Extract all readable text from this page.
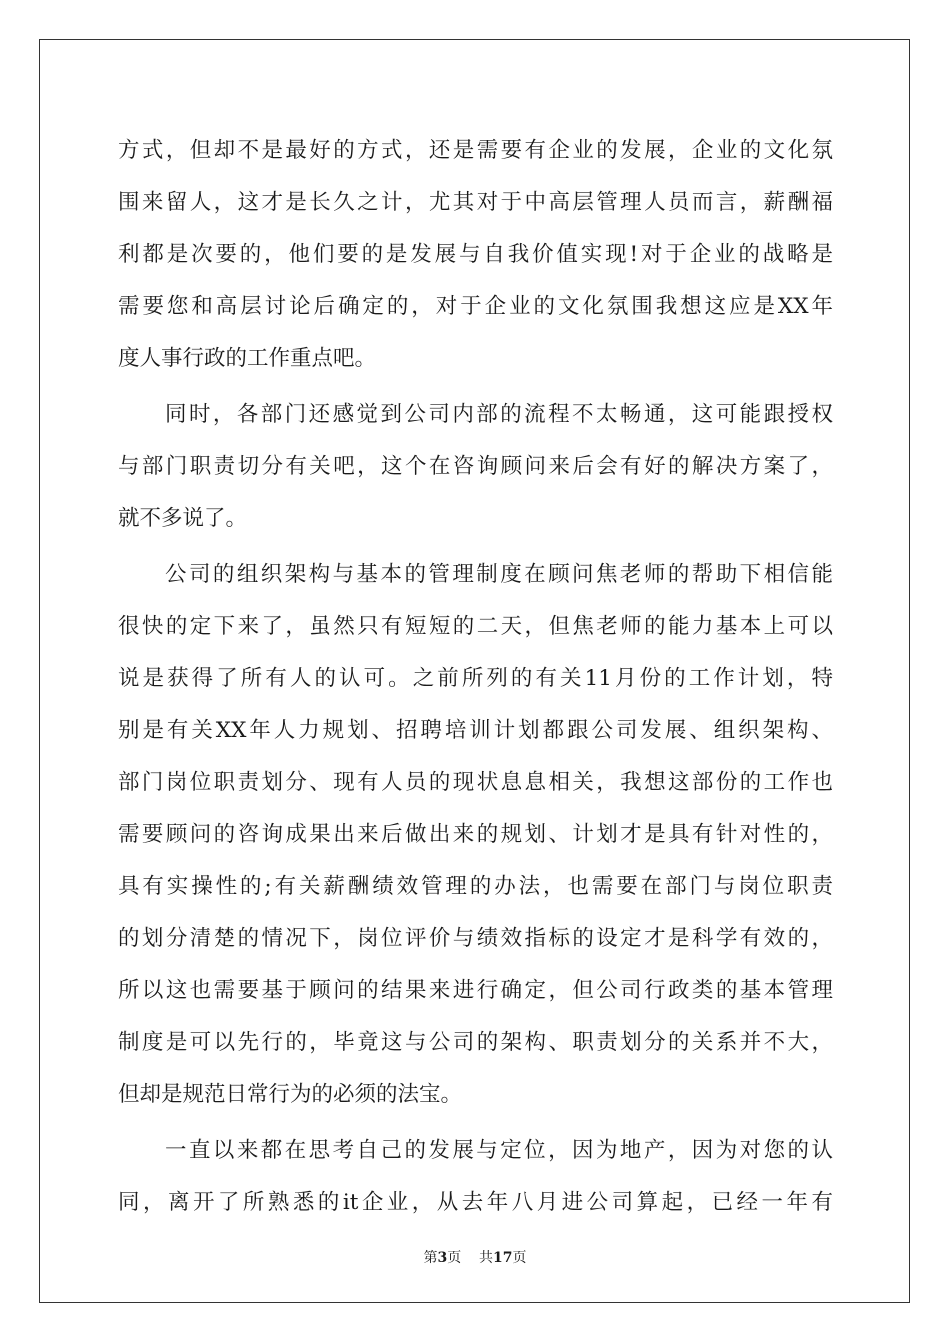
方式，但却不是最好的方式，还是需要有企业的发展，企业的文化氛
围来留人，这才是长久之计，尤其对于中高层管理人员而言，薪酬福
利都是次要的，他们要的是发展与自我价值实现!对于企业的战略是
需要您和高层讨论后确定的，对于企业的文化氛围我想这应是XX年
度人事行政的工作重点吧。
同时，各部门还感觉到公司内部的流程不太畅通，这可能跟授权
与部门职责切分有关吧，这个在咨询顾问来后会有好的解决方案了，
就不多说了。
公司的组织架构与基本的管理制度在顾问焦老师的帮助下相信能
很快的定下来了，虽然只有短短的二天，但焦老师的能力基本上可以
说是获得了所有人的认可。之前所列的有关11月份的工作计划，特
别是有关XX年人力规划、招聘培训计划都跟公司发展、组织架构、
部门岗位职责划分、现有人员的现状息息相关，我想这部份的工作也
需要顾问的咨询成果出来后做出来的规划、计划才是具有针对性的，
具有实操性的;有关薪酬绩效管理的办法，也需要在部门与岗位职责
的划分清楚的情况下，岗位评价与绩效指标的设定才是科学有效的，
所以这也需要基于顾问的结果来进行确定，但公司行政类的基本管理
制度是可以先行的，毕竟这与公司的架构、职责划分的关系并不大，
但却是规范日常行为的必须的法宝。
一直以来都在思考自己的发展与定位，因为地产，因为对您的认
同，离开了所熟悉的it企业，从去年八月进公司算起，已经一年有
第3页 共17页
